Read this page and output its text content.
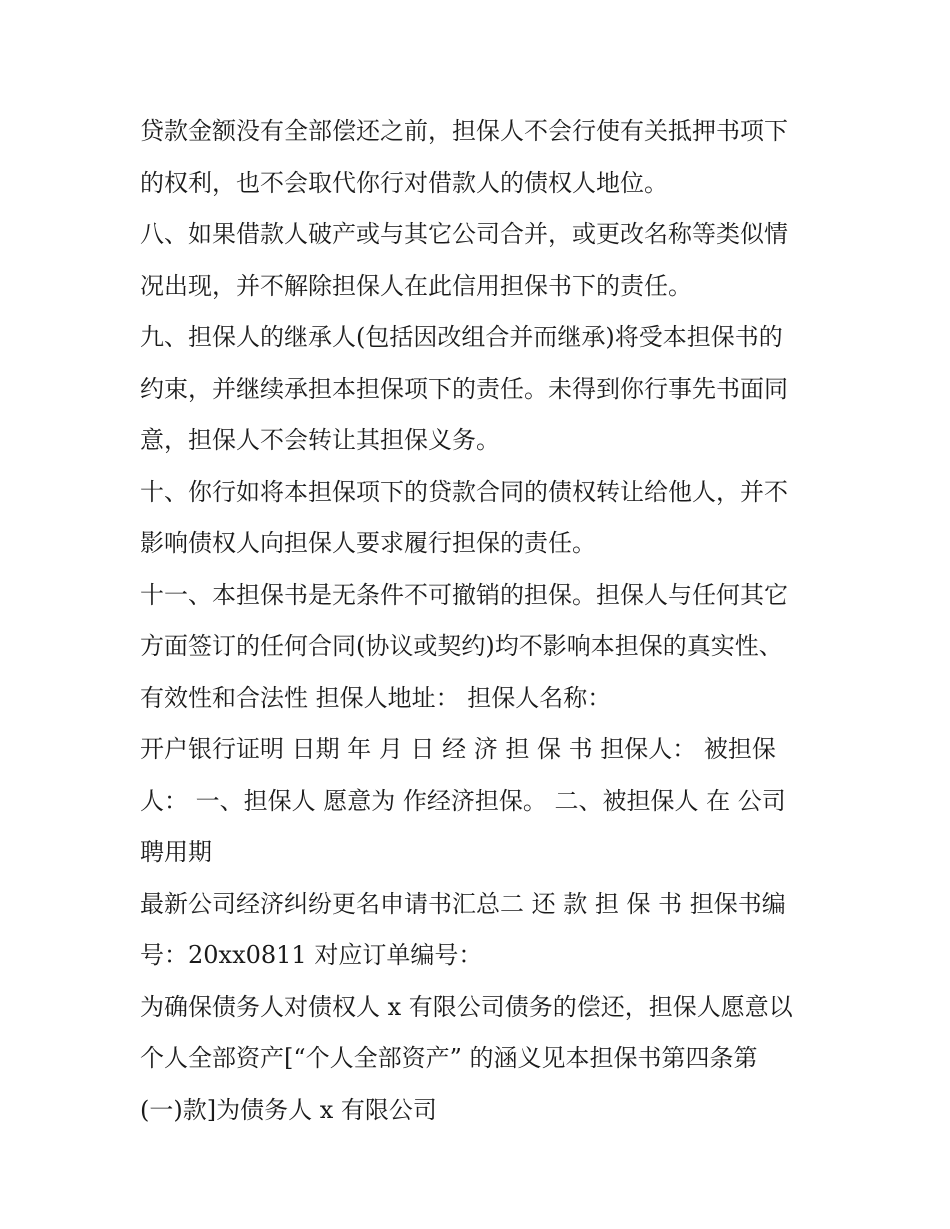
贷款金额没有全部偿还之前，担保人不会行使有关抵押书项下
的权利，也不会取代你行对借款人的债权人地位。
八、如果借款人破产或与其它公司合并，或更改名称等类似情
况出现，并不解除担保人在此信用担保书下的责任。
九、担保人的继承人(包括因改组合并而继承)将受本担保书的
约束，并继续承担本担保项下的责任。未得到你行事先书面同
意，担保人不会转让其担保义务。
十、你行如将本担保项下的贷款合同的债权转让给他人，并不
影响债权人向担保人要求履行担保的责任。
十一、本担保书是无条件不可撤销的担保。担保人与任何其它
方面签订的任何合同(协议或契约)均不影响本担保的真实性、
有效性和合法性 担保人地址： 担保人名称：
开户银行证明 日期 年 月 日 经 济 担 保 书 担保人： 被担保
人： 一、担保人 愿意为 作经济担保。 二、被担保人 在 公司
聘用期
最新公司经济纠纷更名申请书汇总二 还 款 担 保 书 担保书编
号：20xx0811 对应订单编号：
为确保债务人对债权人 x 有限公司债务的偿还，担保人愿意以
个人全部资产[“个人全部资产” 的涵义见本担保书第四条第
(一)款]为债务人 x 有限公司
